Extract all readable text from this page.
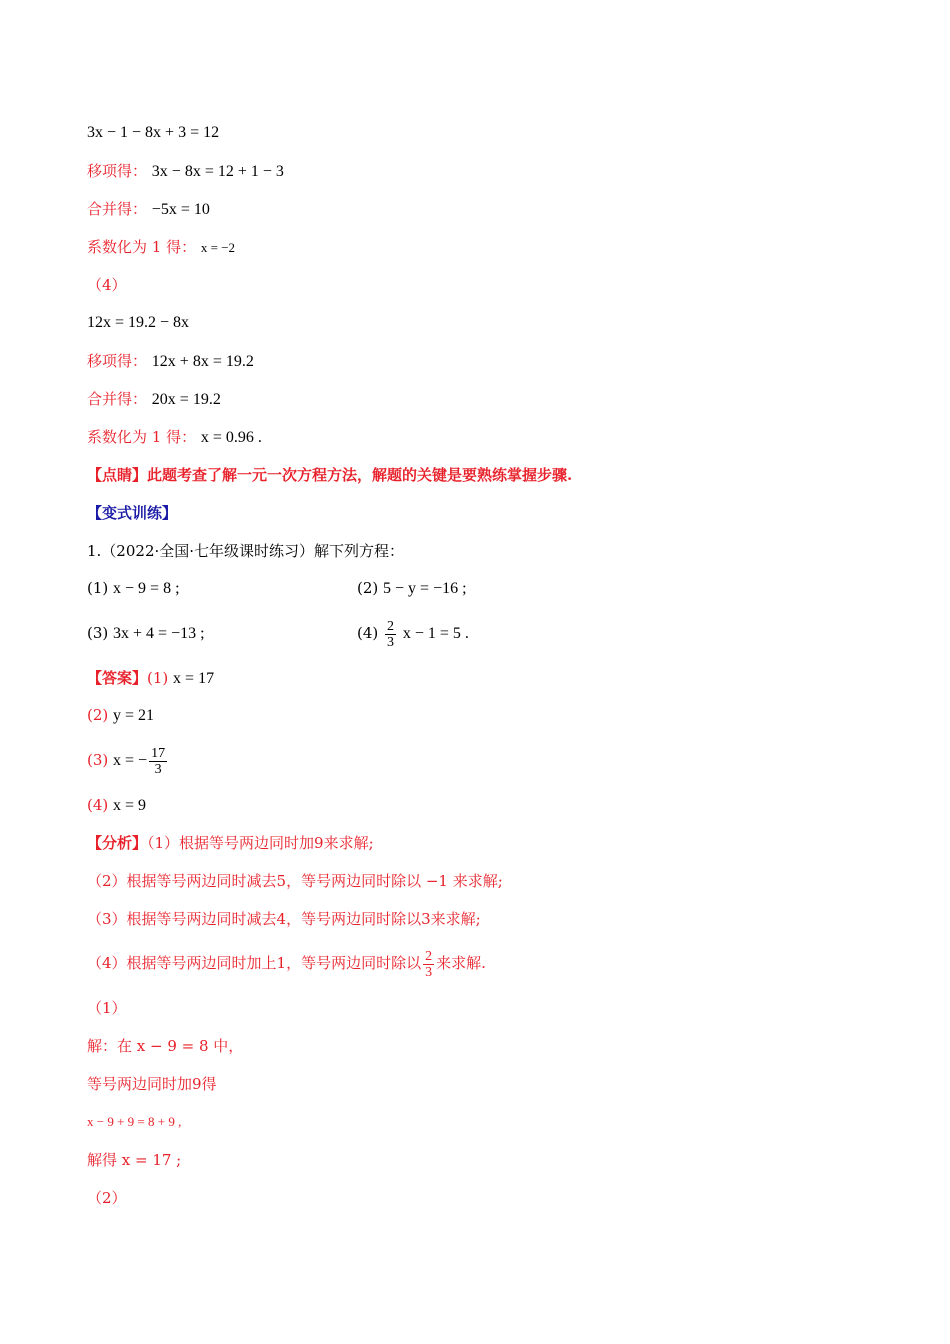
3x − 1 − 8x + 3 = 12
移项得： 3x − 8x = 12 + 1 − 3
合并得： −5x = 10
系数化为 1 得： x = −2
（4）
12x = 19.2 − 8x
移项得： 12x + 8x = 19.2
合并得： 20x = 19.2
系数化为 1 得： x = 0.96 .
【点睛】此题考查了解一元一次方程方法，解题的关键是要熟练掌握步骤.
【变式训练】
1.（2022·全国·七年级课时练习）解下列方程：
(1) x − 9 = 8 ;	(2) 5 − y = −16 ;
(3) 3x + 4 = −13 ;	$(4) \frac{2}{3}$ x − 1 = 5 .
【答案】(1) x = 17
(2) y = 21
(3) x = − $\frac{17}{3}$
(4) x = 9
【分析】（1）根据等号两边同时加9来求解;
（2）根据等号两边同时减去5，等号两边同时除以 −1 来求解;
（3）根据等号两边同时减去4，等号两边同时除以3来求解;
（4）根据等号两边同时加上1，等号两边同时除以 $\frac{2}{3}$ 来求解.
（1）
解：在 x − 9 = 8 中，
等号两边同时加9得
x − 9 + 9 = 8 + 9 ,
解得 x = 17 ;
（2）
